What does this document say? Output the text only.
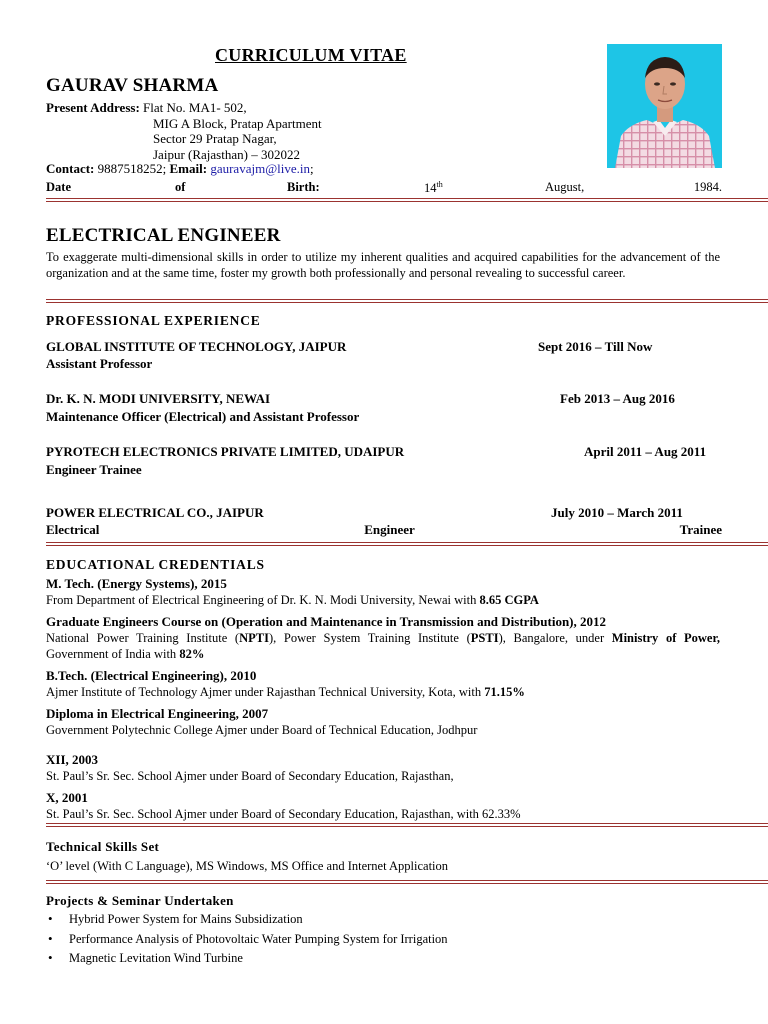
CURRICULUM VITAE
GAURAV SHARMA
Present Address: Flat No. MA1- 502,
MIG A Block, Pratap Apartment
Sector 29 Pratap Nagar,
Jaipur (Rajasthan) – 302022
Contact: 9887518252; Email: gauravajm@live.in;
Date	of	Birth:	14th	August,	1984.
ELECTRICAL ENGINEER
To exaggerate multi-dimensional skills in order to utilize my inherent qualities and acquired capabilities for the advancement of the organization and at the same time, foster my growth both professionally and personal revealing to successful career.
PROFESSIONAL EXPERIENCE
GLOBAL INSTITUTE OF TECHNOLOGY, JAIPUR	Sept 2016 – Till Now
Assistant Professor
Dr. K. N. MODI UNIVERSITY, NEWAI	Feb 2013 – Aug 2016
Maintenance Officer (Electrical) and Assistant Professor
PYROTECH ELECTRONICS PRIVATE LIMITED, UDAIPUR	April 2011 – Aug 2011
Engineer Trainee
POWER ELECTRICAL CO., JAIPUR	July 2010 – March 2011
Electrical	Engineer	Trainee
EDUCATIONAL CREDENTIALS
M. Tech. (Energy Systems), 2015
From Department of Electrical Engineering of Dr. K. N. Modi University, Newai with 8.65 CGPA
Graduate Engineers Course on (Operation and Maintenance in Transmission and Distribution), 2012
National Power Training Institute (NPTI), Power System Training Institute (PSTI), Bangalore, under Ministry of Power, Government of India with 82%
B.Tech. (Electrical Engineering), 2010
Ajmer Institute of Technology Ajmer under Rajasthan Technical University, Kota, with 71.15%
Diploma in Electrical Engineering, 2007
Government Polytechnic College Ajmer under Board of Technical Education, Jodhpur
XII, 2003
St. Paul’s Sr. Sec. School Ajmer under Board of Secondary Education, Rajasthan,
X, 2001
St. Paul’s Sr. Sec. School Ajmer under Board of Secondary Education, Rajasthan, with 62.33%
Technical Skills Set
‘O’ level (With C Language), MS Windows, MS Office and Internet Application
Projects & Seminar Undertaken
• Hybrid Power System for Mains Subsidization
• Performance Analysis of Photovoltaic Water Pumping System for Irrigation
• Magnetic Levitation Wind Turbine
